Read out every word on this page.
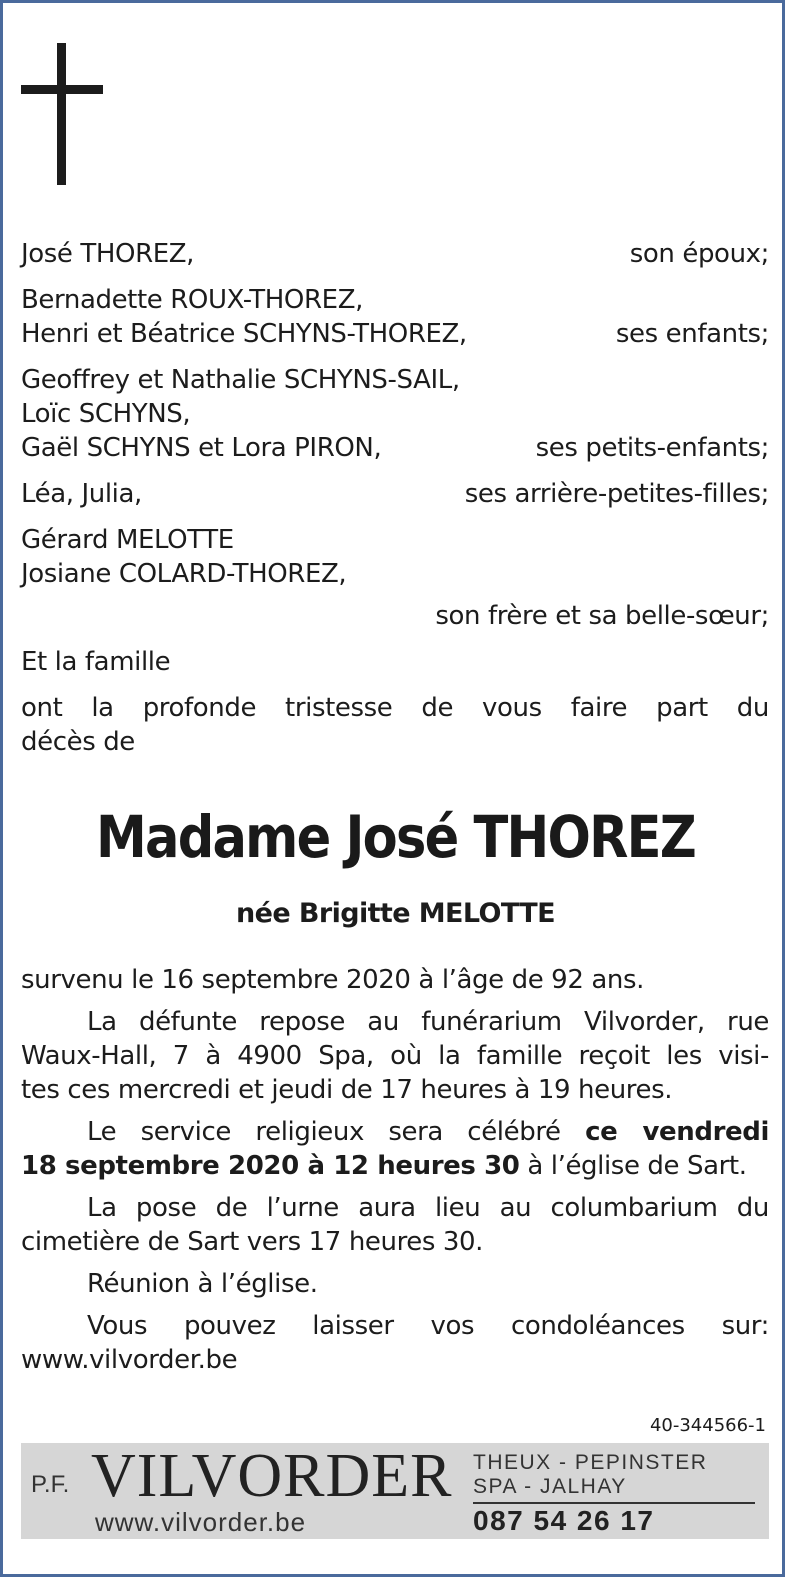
José THOREZ,	son époux;
Bernadette ROUX-THOREZ,
Henri et Béatrice SCHYNS-THOREZ,	ses enfants;
Geoffrey et Nathalie SCHYNS-SAIL,
Loïc SCHYNS,
Gaël SCHYNS et Lora PIRON,	ses petits-enfants;
Léa, Julia,	ses arrière-petites-filles;
Gérard MELOTTE
Josiane COLARD-THOREZ,
son frère et sa belle-sœur;
Et la famille
ont la profonde tristesse de vous faire part du
décès de
Madame José THOREZ
née Brigitte MELOTTE
survenu le 16 septembre 2020 à l’âge de 92 ans.
La défunte repose au funérarium Vilvorder, rue
Waux-Hall, 7 à 4900 Spa, où la famille reçoit les visi-
tes ces mercredi et jeudi de 17 heures à 19 heures.
Le service religieux sera célébré ce vendredi
18 septembre 2020 à 12 heures 30 à l’église de Sart.
La pose de l’urne aura lieu au columbarium du
cimetière de Sart vers 17 heures 30.
Réunion à l’église.
Vous pouvez laisser vos condoléances sur:
www.vilvorder.be
40-344566-1
P.F. VILVORDER THEUX - PEPINSTER
SPA - JALHAY
www.vilvorder.be	087 54 26 17
